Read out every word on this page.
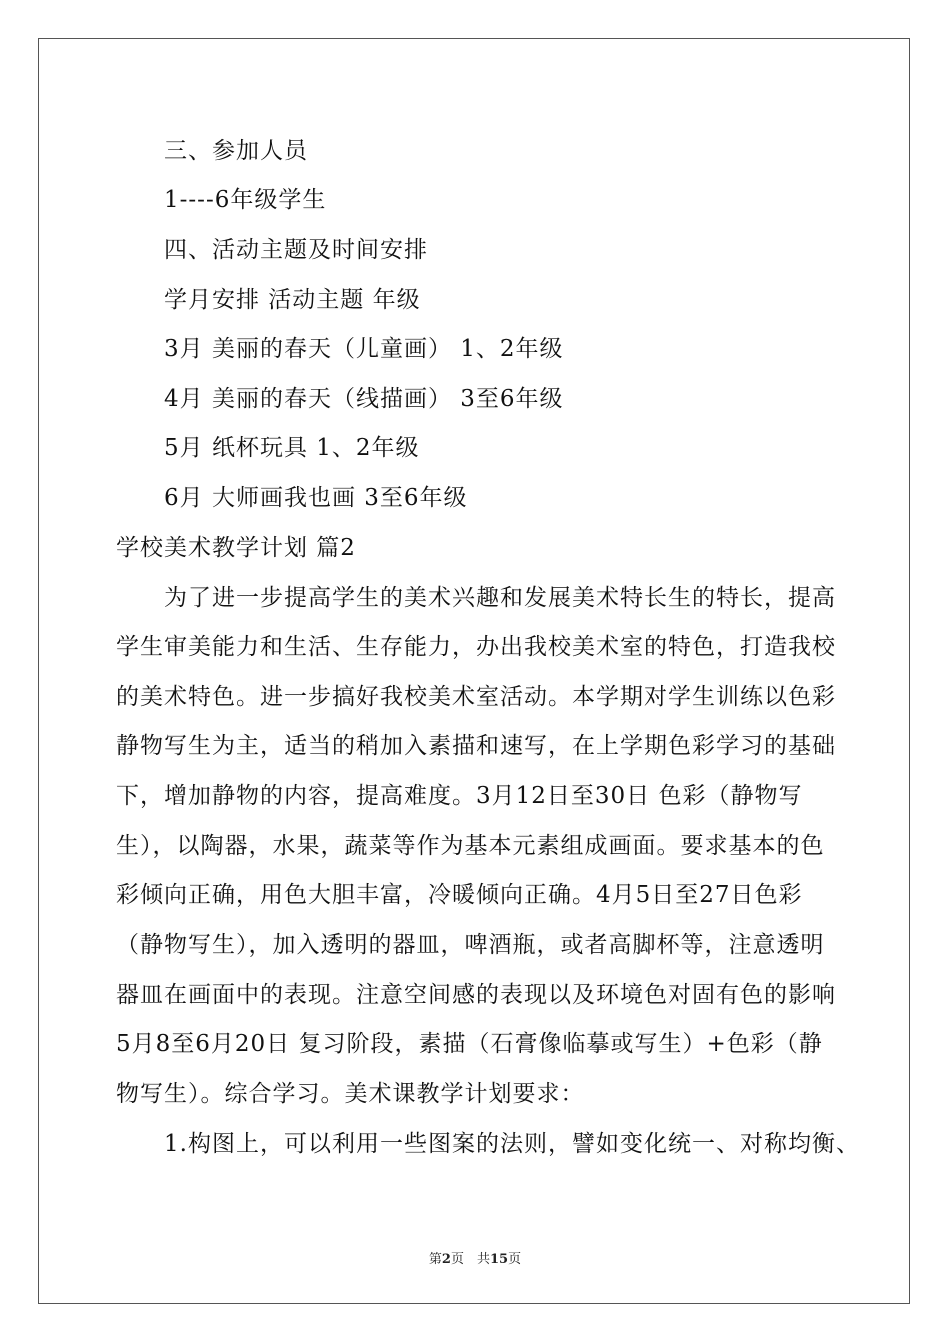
三、参加人员
1----6年级学生
四、活动主题及时间安排
学月安排 活动主题 年级
3月 美丽的春天（儿童画） 1、2年级
4月 美丽的春天（线描画） 3至6年级
5月 纸杯玩具 1、2年级
6月 大师画我也画 3至6年级
学校美术教学计划 篇2
为了进一步提高学生的美术兴趣和发展美术特长生的特长，提高
学生审美能力和生活、生存能力，办出我校美术室的特色，打造我校
的美术特色。进一步搞好我校美术室活动。本学期对学生训练以色彩
静物写生为主，适当的稍加入素描和速写，在上学期色彩学习的基础
下，增加静物的内容，提高难度。3月12日至30日 色彩（静物写
生），以陶器，水果，蔬菜等作为基本元素组成画面。要求基本的色
彩倾向正确，用色大胆丰富，冷暖倾向正确。4月5日至27日色彩
（静物写生），加入透明的器皿，啤酒瓶，或者高脚杯等，注意透明
器皿在画面中的表现。注意空间感的表现以及环境色对固有色的影响
5月8至6月20日 复习阶段，素描（石膏像临摹或写生）+色彩（静
物写生）。综合学习。美术课教学计划要求：
1.构图上，可以利用一些图案的法则，譬如变化统一、对称均衡、
第2页　共15页
